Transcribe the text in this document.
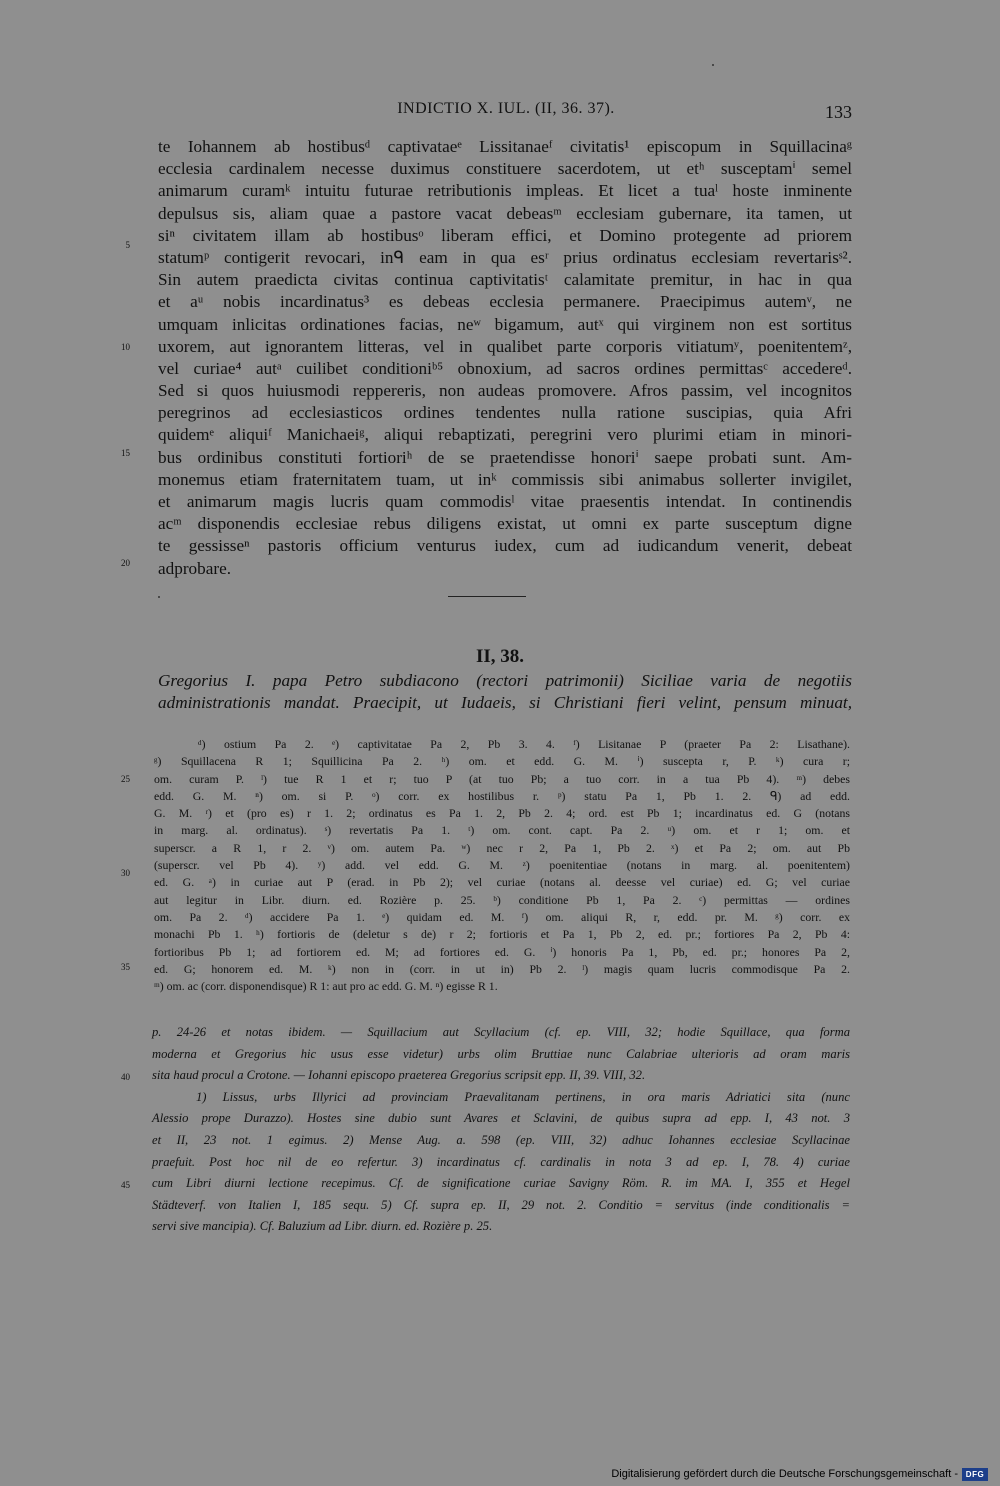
INDICTIO X. IUL. (II, 36. 37).	133
te Iohannem ab hostibusᵈ captivataeᵉ Lissitanaeᶠ civitatis¹ episcopum in Squillacinaᵍ
ecclesia cardinalem necesse duximus constituere sacerdotem, ut etʰ susceptamⁱ semel
animarum curamᵏ intuitu futurae retributionis impleas. Et licet a tuaˡ hoste inminente
depulsus sis, aliam quae a pastore vacat debeasᵐ ecclesiam gubernare, ita tamen, ut
siⁿ civitatem illam ab hostibusᵒ liberam effici, et Domino protegente ad priorem
statumᵖ contigerit revocari, inᑫ eam in qua esʳ prius ordinatus ecclesiam revertarisˢ².
Sin autem praedicta civitas continua captivitatisᵗ calamitate premitur, in hac in qua
et aᵘ nobis incardinatus³ es debeas ecclesia permanere. Praecipimus autemᵛ, ne
umquam inlicitas ordinationes facias, neʷ bigamum, autˣ qui virginem non est sortitus
uxorem, aut ignorantem litteras, vel in qualibet parte corporis vitiatumʸ, poenitentemᶻ,
vel curiae⁴ autᵃ cuilibet conditioniᵇ⁵ obnoxium, ad sacros ordines permittasᶜ accedereᵈ.
Sed si quos huiusmodi reppereris, non audeas promovere. Afros passim, vel incognitos
peregrinos ad ecclesiasticos ordines tendentes nulla ratione suscipias, quia Afri
quidemᵉ aliquiᶠ Manichaeiᵍ, aliqui rebaptizati, peregrini vero plurimi etiam in minori-
bus ordinibus constituti fortioriʰ de se praetendisse honoriⁱ saepe probati sunt. Am-
monemus etiam fraternitatem tuam, ut inᵏ commissis sibi animabus sollerter invigilet,
et animarum magis lucris quam commodisˡ vitae praesentis intendat. In continendis
acᵐ disponendis ecclesiae rebus diligens existat, ut omni ex parte susceptum digne
te gessisseⁿ pastoris officium venturus iudex, cum ad iudicandum venerit, debeat
adprobare.
5
10
15
20
II, 38.
Gregorius I. papa Petro subdiacono (rectori patrimonii) Siciliae varia de negotiis
administrationis mandat. Praecipit, ut Iudaeis, si Christiani fieri velint, pensum minuat,
ᵈ) ostium Pa 2. ᵉ) captivitatae Pa 2, Pb 3. 4. ᶠ) Lisitanae P (praeter Pa 2: Lisathane).
ᵍ) Squillacena R 1; Squillicina Pa 2. ʰ) om. et edd. G. M. ⁱ) suscepta r, P. ᵏ) cura r;
om. curam P. ˡ) tue R 1 et r; tuo P (at tuo Pb; a tuo corr. in a tua Pb 4). ᵐ) debes
edd. G. M. ⁿ) om. si P. ᵒ) corr. ex hostilibus r. ᵖ) statu Pa 1, Pb 1. 2. ᑫ) ad edd.
G. M. ʳ) et (pro es) r 1. 2; ordinatus es Pa 1. 2, Pb 2. 4; ord. est Pb 1; incardinatus ed. G (notans
in marg. al. ordinatus). ˢ) revertatis Pa 1. ᵗ) om. cont. capt. Pa 2. ᵘ) om. et r 1; om. et
superscr. a R 1, r 2. ᵛ) om. autem Pa. ʷ) nec r 2, Pa 1, Pb 2. ˣ) et Pa 2; om. aut Pb
(superscr. vel Pb 4). ʸ) add. vel edd. G. M. ᶻ) poenitentiae (notans in marg. al. poenitentem)
ed. G. ᵃ) in curiae aut P (erad. in Pb 2); vel curiae (notans al. deesse vel curiae) ed. G; vel curiae
aut legitur in Libr. diurn. ed. Rozière p. 25. ᵇ) conditione Pb 1, Pa 2. ᶜ) permittas — ordines
om. Pa 2. ᵈ) accidere Pa 1. ᵉ) quidam ed. M. ᶠ) om. aliqui R, r, edd. pr. M. ᵍ) corr. ex
monachi Pb 1. ʰ) fortioris de (deletur s de) r 2; fortioris et Pa 1, Pb 2, ed. pr.; fortiores Pa 2, Pb 4:
fortioribus Pb 1; ad fortiorem ed. M; ad fortiores ed. G. ⁱ) honoris Pa 1, Pb, ed. pr.; honores Pa 2,
ed. G; honorem ed. M. ᵏ) non in (corr. in ut in) Pb 2. ˡ) magis quam lucris commodisque Pa 2.
ᵐ) om. ac (corr. disponendisque) R 1: aut pro ac edd. G. M. ⁿ) egisse R 1.
25
30
35
p. 24-26 et notas ibidem. — Squillacium aut Scyllacium (cf. ep. VIII, 32; hodie Squillace, qua forma
moderna et Gregorius hic usus esse videtur) urbs olim Bruttiae nunc Calabriae ulterioris ad oram maris
sita haud procul a Crotone. — Iohanni episcopo praeterea Gregorius scripsit epp. II, 39. VIII, 32.
1) Lissus, urbs Illyrici ad provinciam Praevalitanam pertinens, in ora maris Adriatici sita (nunc
Alessio prope Durazzo). Hostes sine dubio sunt Avares et Sclavini, de quibus supra ad epp. I, 43 not. 3
et II, 23 not. 1 egimus. 2) Mense Aug. a. 598 (ep. VIII, 32) adhuc Iohannes ecclesiae Scyllacinae
praefuit. Post hoc nil de eo refertur. 3) incardinatus cf. cardinalis in nota 3 ad ep. I, 78. 4) curiae
cum Libri diurni lectione recepimus. Cf. de significatione curiae Savigny Röm. R. im MA. I, 355 et Hegel
Städteverf. von Italien I, 185 sequ. 5) Cf. supra ep. II, 29 not. 2. Conditio = servitus (inde conditionalis =
servi sive mancipia). Cf. Baluzium ad Libr. diurn. ed. Rozière p. 25.
40
45
Digitalisierung gefördert durch die Deutsche Forschungsgemeinschaft - DFG
